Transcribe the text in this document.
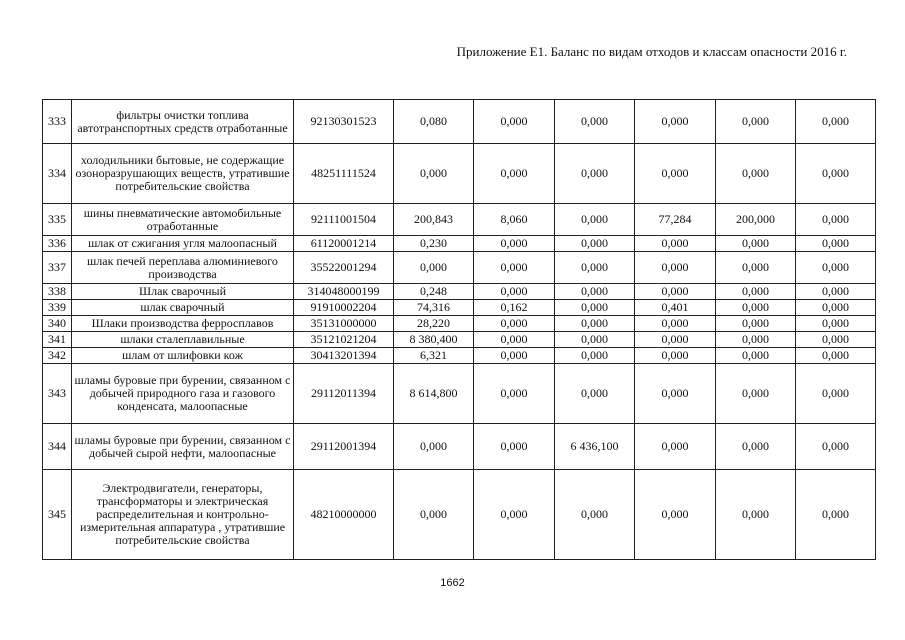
Приложение Е1. Баланс по видам отходов и классам опасности 2016 г.
333	фильтры очистки топлива автотранспортных средств отработанные	92130301523	0,080	0,000	0,000	0,000	0,000	0,000
334	холодильники бытовые, не содержащие озоноразрушающих веществ, утратившие потребительские свойства	48251111524	0,000	0,000	0,000	0,000	0,000	0,000
335	шины пневматические автомобильные отработанные	92111001504	200,843	8,060	0,000	77,284	200,000	0,000
336	шлак от сжигания угля малоопасный	61120001214	0,230	0,000	0,000	0,000	0,000	0,000
337	шлак печей переплава алюминиевого производства	35522001294	0,000	0,000	0,000	0,000	0,000	0,000
338	Шлак сварочный	314048000199	0,248	0,000	0,000	0,000	0,000	0,000
339	шлак сварочный	91910002204	74,316	0,162	0,000	0,401	0,000	0,000
340	Шлаки производства ферросплавов	35131000000	28,220	0,000	0,000	0,000	0,000	0,000
341	шлаки сталеплавильные	35121021204	8 380,400	0,000	0,000	0,000	0,000	0,000
342	шлам от шлифовки кож	30413201394	6,321	0,000	0,000	0,000	0,000	0,000
343	шламы буровые при бурении, связанном с добычей природного газа и газового конденсата, малоопасные	29112011394	8 614,800	0,000	0,000	0,000	0,000	0,000
344	шламы буровые при бурении, связанном с добычей сырой нефти, малоопасные	29112001394	0,000	0,000	6 436,100	0,000	0,000	0,000
345	Электродвигатели, генераторы, трансформаторы и электрическая распределительная и контрольно-измерительная аппаратура , утратившие потребительские свойства	48210000000	0,000	0,000	0,000	0,000	0,000	0,000
1662
